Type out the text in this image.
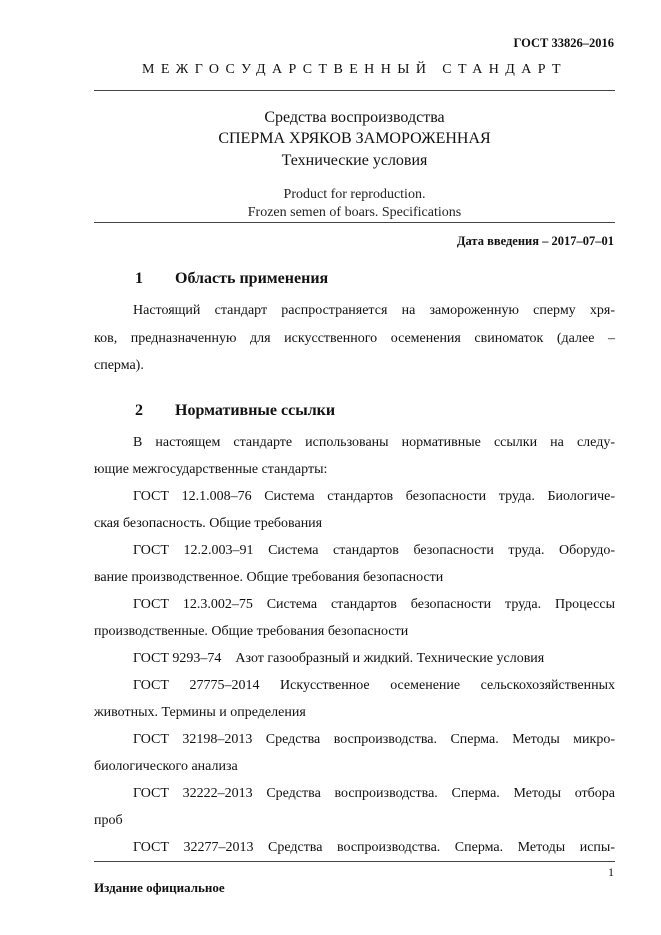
ГОСТ 33826–2016
МЕЖГОСУДАРСТВЕННЫЙ СТАНДАРТ
Средства воспроизводства
СПЕРМА ХРЯКОВ ЗАМОРОЖЕННАЯ
Технические условия
Product for reproduction.
Frozen semen of boars. Specifications
Дата введения – 2017–07–01
1 Область применения
Настоящий стандарт распространяется на замороженную сперму хря-
ков, предназначенную для искусственного осеменения свиноматок (далее –
сперма).
2 Нормативные ссылки
В настоящем стандарте использованы нормативные ссылки на следу-
ющие межгосударственные стандарты:
ГОСТ 12.1.008–76 Система стандартов безопасности труда. Биологиче-
ская безопасность. Общие требования
ГОСТ 12.2.003–91 Система стандартов безопасности труда. Оборудо-
вание производственное. Общие требования безопасности
ГОСТ 12.3.002–75 Система стандартов безопасности труда. Процессы
производственные. Общие требования безопасности
ГОСТ 9293–74    Азот газообразный и жидкий. Технические условия
ГОСТ 27775–2014 Искусственное осеменение сельскохозяйственных
животных. Термины и определения
ГОСТ 32198–2013 Средства воспроизводства. Сперма. Методы микро-
биологического анализа
ГОСТ 32222–2013 Средства воспроизводства. Сперма. Методы отбора
проб
ГОСТ 32277–2013 Средства воспроизводства. Сперма. Методы испы-
1
Издание официальное
